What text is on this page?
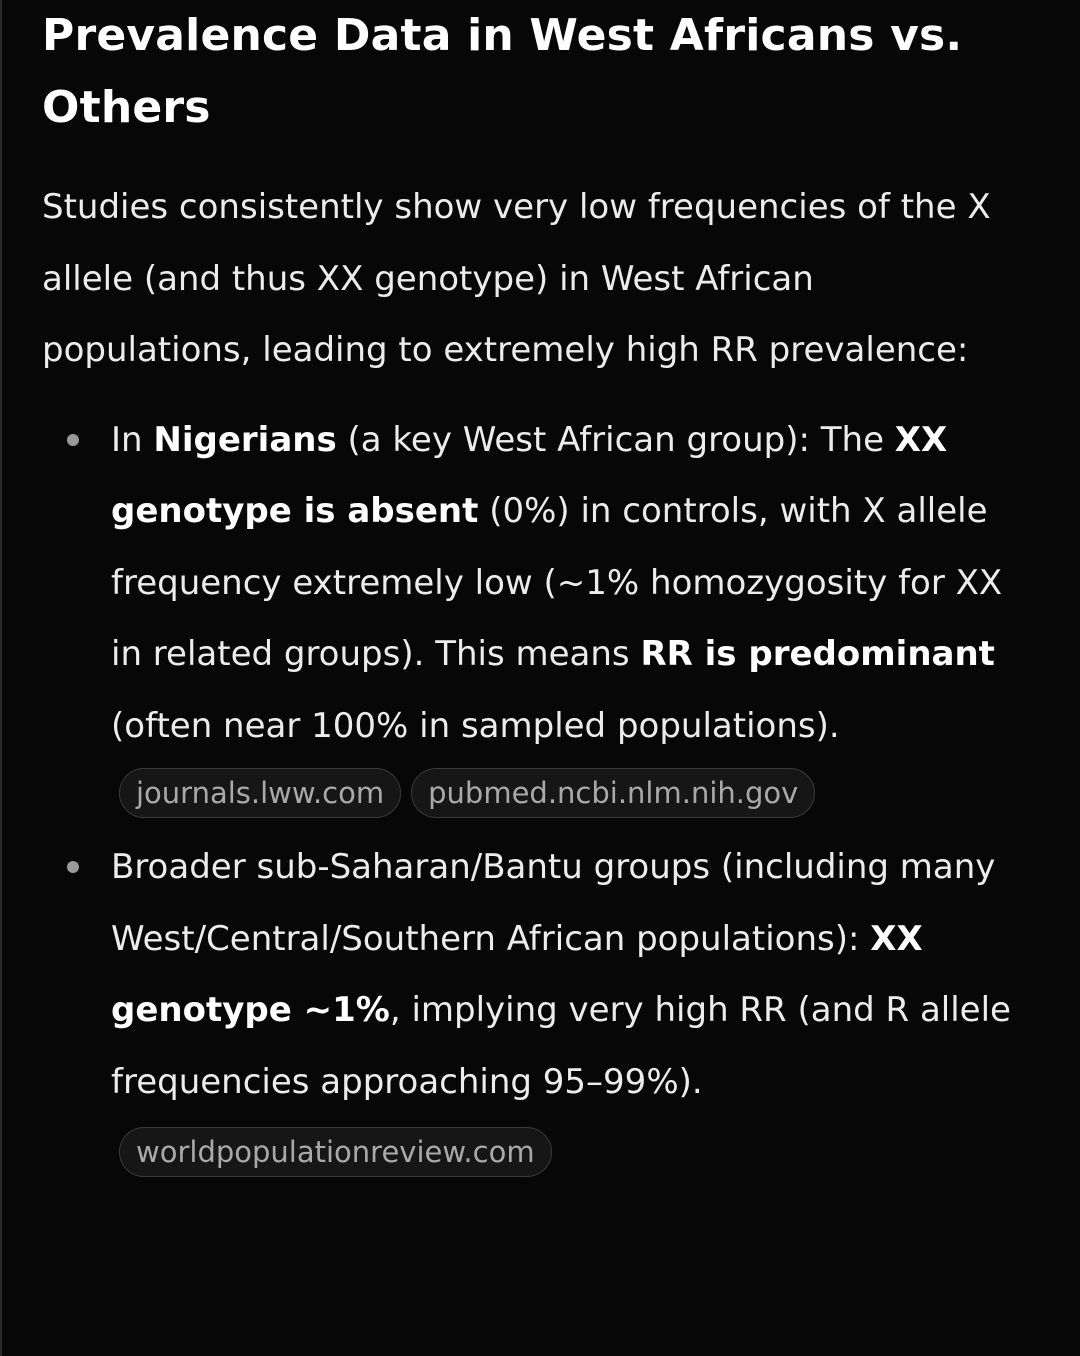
Prevalence Data in West Africans vs. Others

Studies consistently show very low frequencies of the X allele (and thus XX genotype) in West African populations, leading to extremely high RR prevalence:

In Nigerians (a key West African group): The XX genotype is absent (0%) in controls, with X allele frequency extremely low (~1% homozygosity for XX in related groups). This means RR is predominant (often near 100% in sampled populations).
journals.lww.com	pubmed.ncbi.nlm.nih.gov
Broader sub-Saharan/Bantu groups (including many West/Central/Southern African populations): XX genotype ~1%, implying very high RR (and R allele frequencies approaching 95–99%).worldpopulationreview.com
